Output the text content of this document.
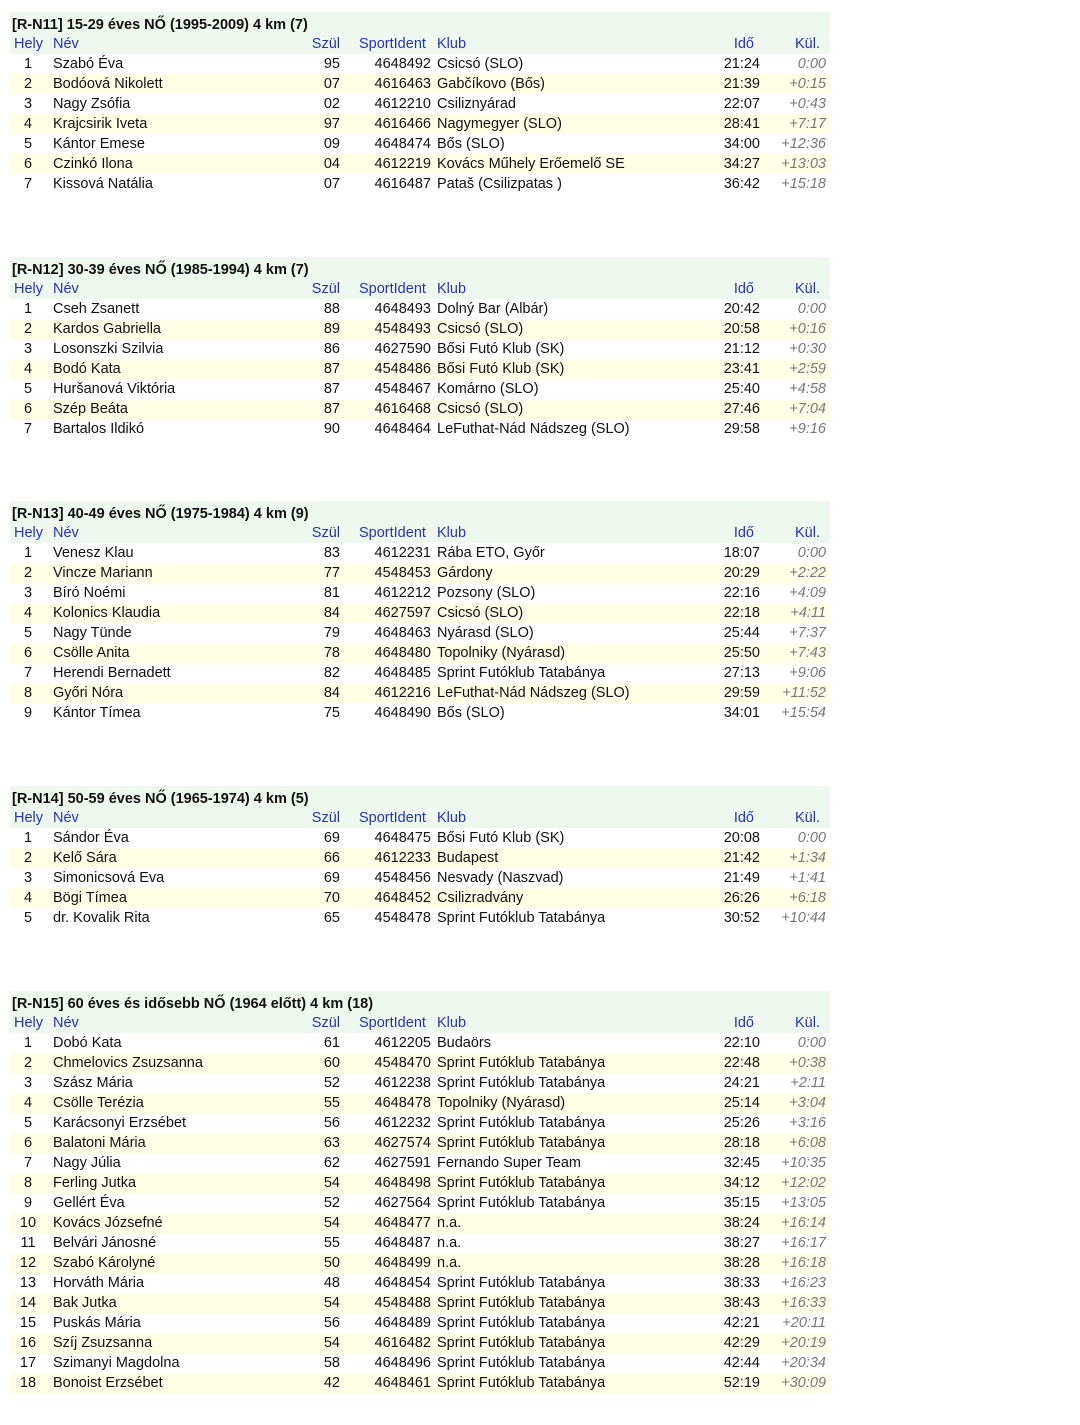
[R-N11] 15-29 éves NŐ (1995-2009) 4 km (7)
Hely Név	Szül SportIdent Klub	Idő	Kül.
1	Szabó Éva	95	4648492 Csicsó (SLO)	21:24	0:00
2	Bodóová Nikolett	07	4616463 Gabčíkovo (Bős)	21:39	+0:15
3	Nagy Zsófia	02	4612210 Csiliznyárad	22:07	+0:43
4	Krajcsirik Iveta	97	4616466 Nagymegyer (SLO)	28:41	+7:17
5	Kántor Emese	09	4648474 Bős (SLO)	34:00	+12:36
6	Czinkó Ilona	04	4612219 Kovács Műhely Erőemelő SE	34:27	+13:03
7	Kissová Natália	07	4616487 Pataš (Csilizpatas )	36:42	+15:18
[R-N12] 30-39 éves NŐ (1985-1994) 4 km (7)
Hely Név	Szül SportIdent Klub	Idő	Kül.
1	Cseh Zsanett	88	4648493 Dolný Bar (Albár)	20:42	0:00
2	Kardos Gabriella	89	4548493 Csicsó (SLO)	20:58	+0:16
3	Losonszki Szilvia	86	4627590 Bősi Futó Klub (SK)	21:12	+0:30
4	Bodó Kata	87	4548486 Bősi Futó Klub (SK)	23:41	+2:59
5	Huršanová Viktória	87	4548467 Komárno (SLO)	25:40	+4:58
6	Szép Beáta	87	4616468 Csicsó (SLO)	27:46	+7:04
7	Bartalos Ildikó	90	4648464 LeFuthat-Nád Nádszeg (SLO)	29:58	+9:16
[R-N13] 40-49 éves NŐ (1975-1984) 4 km (9)
Hely Név	Szül SportIdent Klub	Idő	Kül.
1	Venesz Klau	83	4612231 Rába ETO, Győr	18:07	0:00
2	Vincze Mariann	77	4548453 Gárdony	20:29	+2:22
3	Bíró Noémi	81	4612212 Pozsony (SLO)	22:16	+4:09
4	Kolonics Klaudia	84	4627597 Csicsó (SLO)	22:18	+4:11
5	Nagy Tünde	79	4648463 Nyárasd (SLO)	25:44	+7:37
6	Csölle Anita	78	4648480 Topolniky (Nyárasd)	25:50	+7:43
7	Herendi Bernadett	82	4648485 Sprint Futóklub Tatabánya	27:13	+9:06
8	Győri Nóra	84	4612216 LeFuthat-Nád Nádszeg (SLO)	29:59	+11:52
9	Kántor Tímea	75	4648490 Bős (SLO)	34:01	+15:54
[R-N14] 50-59 éves NŐ (1965-1974) 4 km (5)
Hely Név	Szül SportIdent Klub	Idő	Kül.
1	Sándor Éva	69	4648475 Bősi Futó Klub (SK)	20:08	0:00
2	Kelő Sára	66	4612233 Budapest	21:42	+1:34
3	Simonicsová Eva	69	4548456 Nesvady (Naszvad)	21:49	+1:41
4	Bögi Tímea	70	4648452 Csilizradvány	26:26	+6:18
5	dr. Kovalik Rita	65	4548478 Sprint Futóklub Tatabánya	30:52	+10:44
[R-N15] 60 éves és idősebb NŐ (1964 előtt) 4 km (18)
Hely Név	Szül SportIdent Klub	Idő	Kül.
1	Dobó Kata	61	4612205 Budaörs	22:10	0:00
2	Chmelovics Zsuzsanna	60	4548470 Sprint Futóklub Tatabánya	22:48	+0:38
3	Szász Mária	52	4612238 Sprint Futóklub Tatabánya	24:21	+2:11
4	Csölle Terézia	55	4648478 Topolniky (Nyárasd)	25:14	+3:04
5	Karácsonyi Erzsébet	56	4612232 Sprint Futóklub Tatabánya	25:26	+3:16
6	Balatoni Mária	63	4627574 Sprint Futóklub Tatabánya	28:18	+6:08
7	Nagy Júlia	62	4627591 Fernando Super Team	32:45	+10:35
8	Ferling Jutka	54	4648498 Sprint Futóklub Tatabánya	34:12	+12:02
9	Gellért Éva	52	4627564 Sprint Futóklub Tatabánya	35:15	+13:05
10	Kovács Józsefné	54	4648477 n.a.	38:24	+16:14
11	Belvári Jánosné	55	4648487 n.a.	38:27	+16:17
12	Szabó Károlyné	50	4648499 n.a.	38:28	+16:18
13	Horváth Mária	48	4648454 Sprint Futóklub Tatabánya	38:33	+16:23
14	Bak Jutka	54	4548488 Sprint Futóklub Tatabánya	38:43	+16:33
15	Puskás Mária	56	4648489 Sprint Futóklub Tatabánya	42:21	+20:11
16	Szíj Zsuzsanna	54	4616482 Sprint Futóklub Tatabánya	42:29	+20:19
17	Szimanyi Magdolna	58	4648496 Sprint Futóklub Tatabánya	42:44	+20:34
18	Bonoist Erzsébet	42	4648461 Sprint Futóklub Tatabánya	52:19	+30:09
